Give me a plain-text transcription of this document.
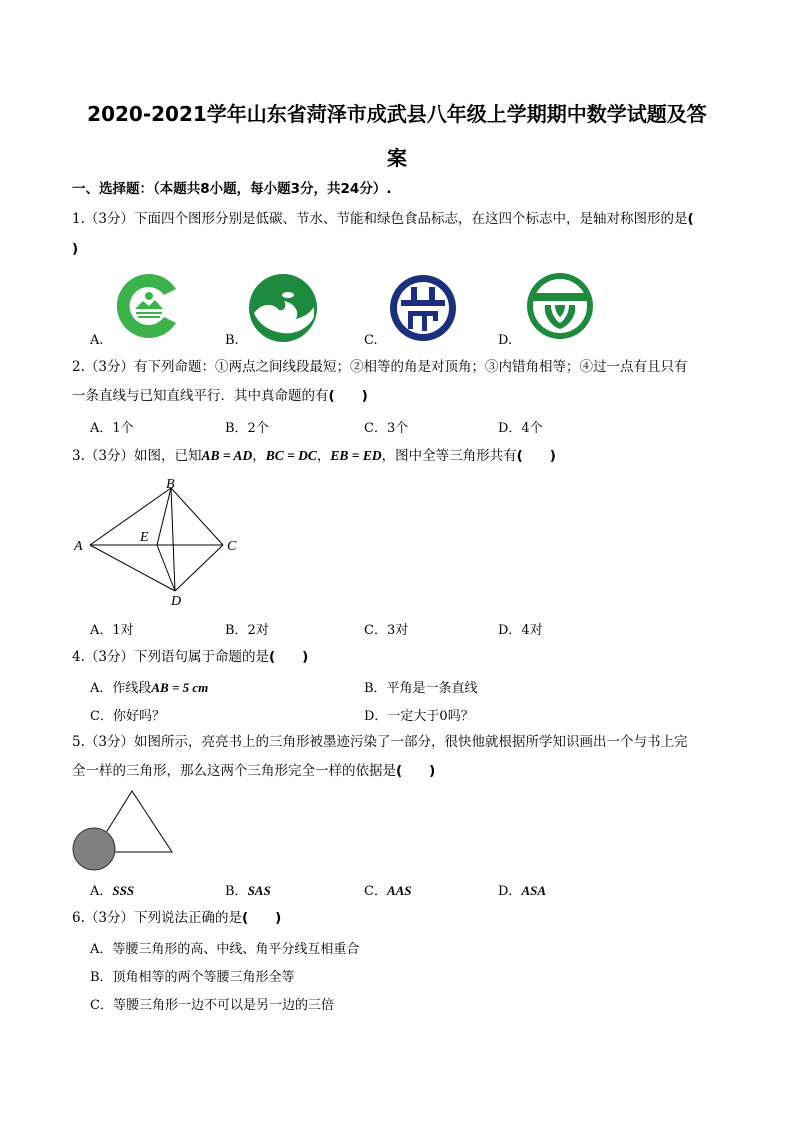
2020-2021学年山东省菏泽市成武县八年级上学期期中数学试题及答
案
一、选择题：（本题共8小题，每小题3分，共24分）.
1.（3分）下面四个图形分别是低碳、节水、节能和绿色食品标志，在这四个标志中，是轴对称图形的是(
)
A.	B.	C.	D.
2.（3分）有下列命题：①两点之间线段最短；②相等的角是对顶角；③内错角相等；④过一点有且只有
一条直线与已知直线平行．其中真命题的有(　　)
A．1个	B．2个	C．3个	D．4个
3.（3分）如图，已知AB = AD，BC = DC，EB = ED，图中全等三角形共有(　　)
A
B
C
D
E
A．1对	B．2对	C．3对	D．4对
4.（3分）下列语句属于命题的是(　　)
A．作线段AB = 5 cm	B．平角是一条直线
C．你好吗？	D．一定大于0吗？
5.（3分）如图所示，亮亮书上的三角形被墨迹污染了一部分，很快他就根据所学知识画出一个与书上完
全一样的三角形，那么这两个三角形完全一样的依据是(　　)
A．SSS	B．SAS	C．AAS	D．ASA
6.（3分）下列说法正确的是(　　)
A．等腰三角形的高、中线、角平分线互相重合
B．顶角相等的两个等腰三角形全等
C．等腰三角形一边不可以是另一边的三倍
